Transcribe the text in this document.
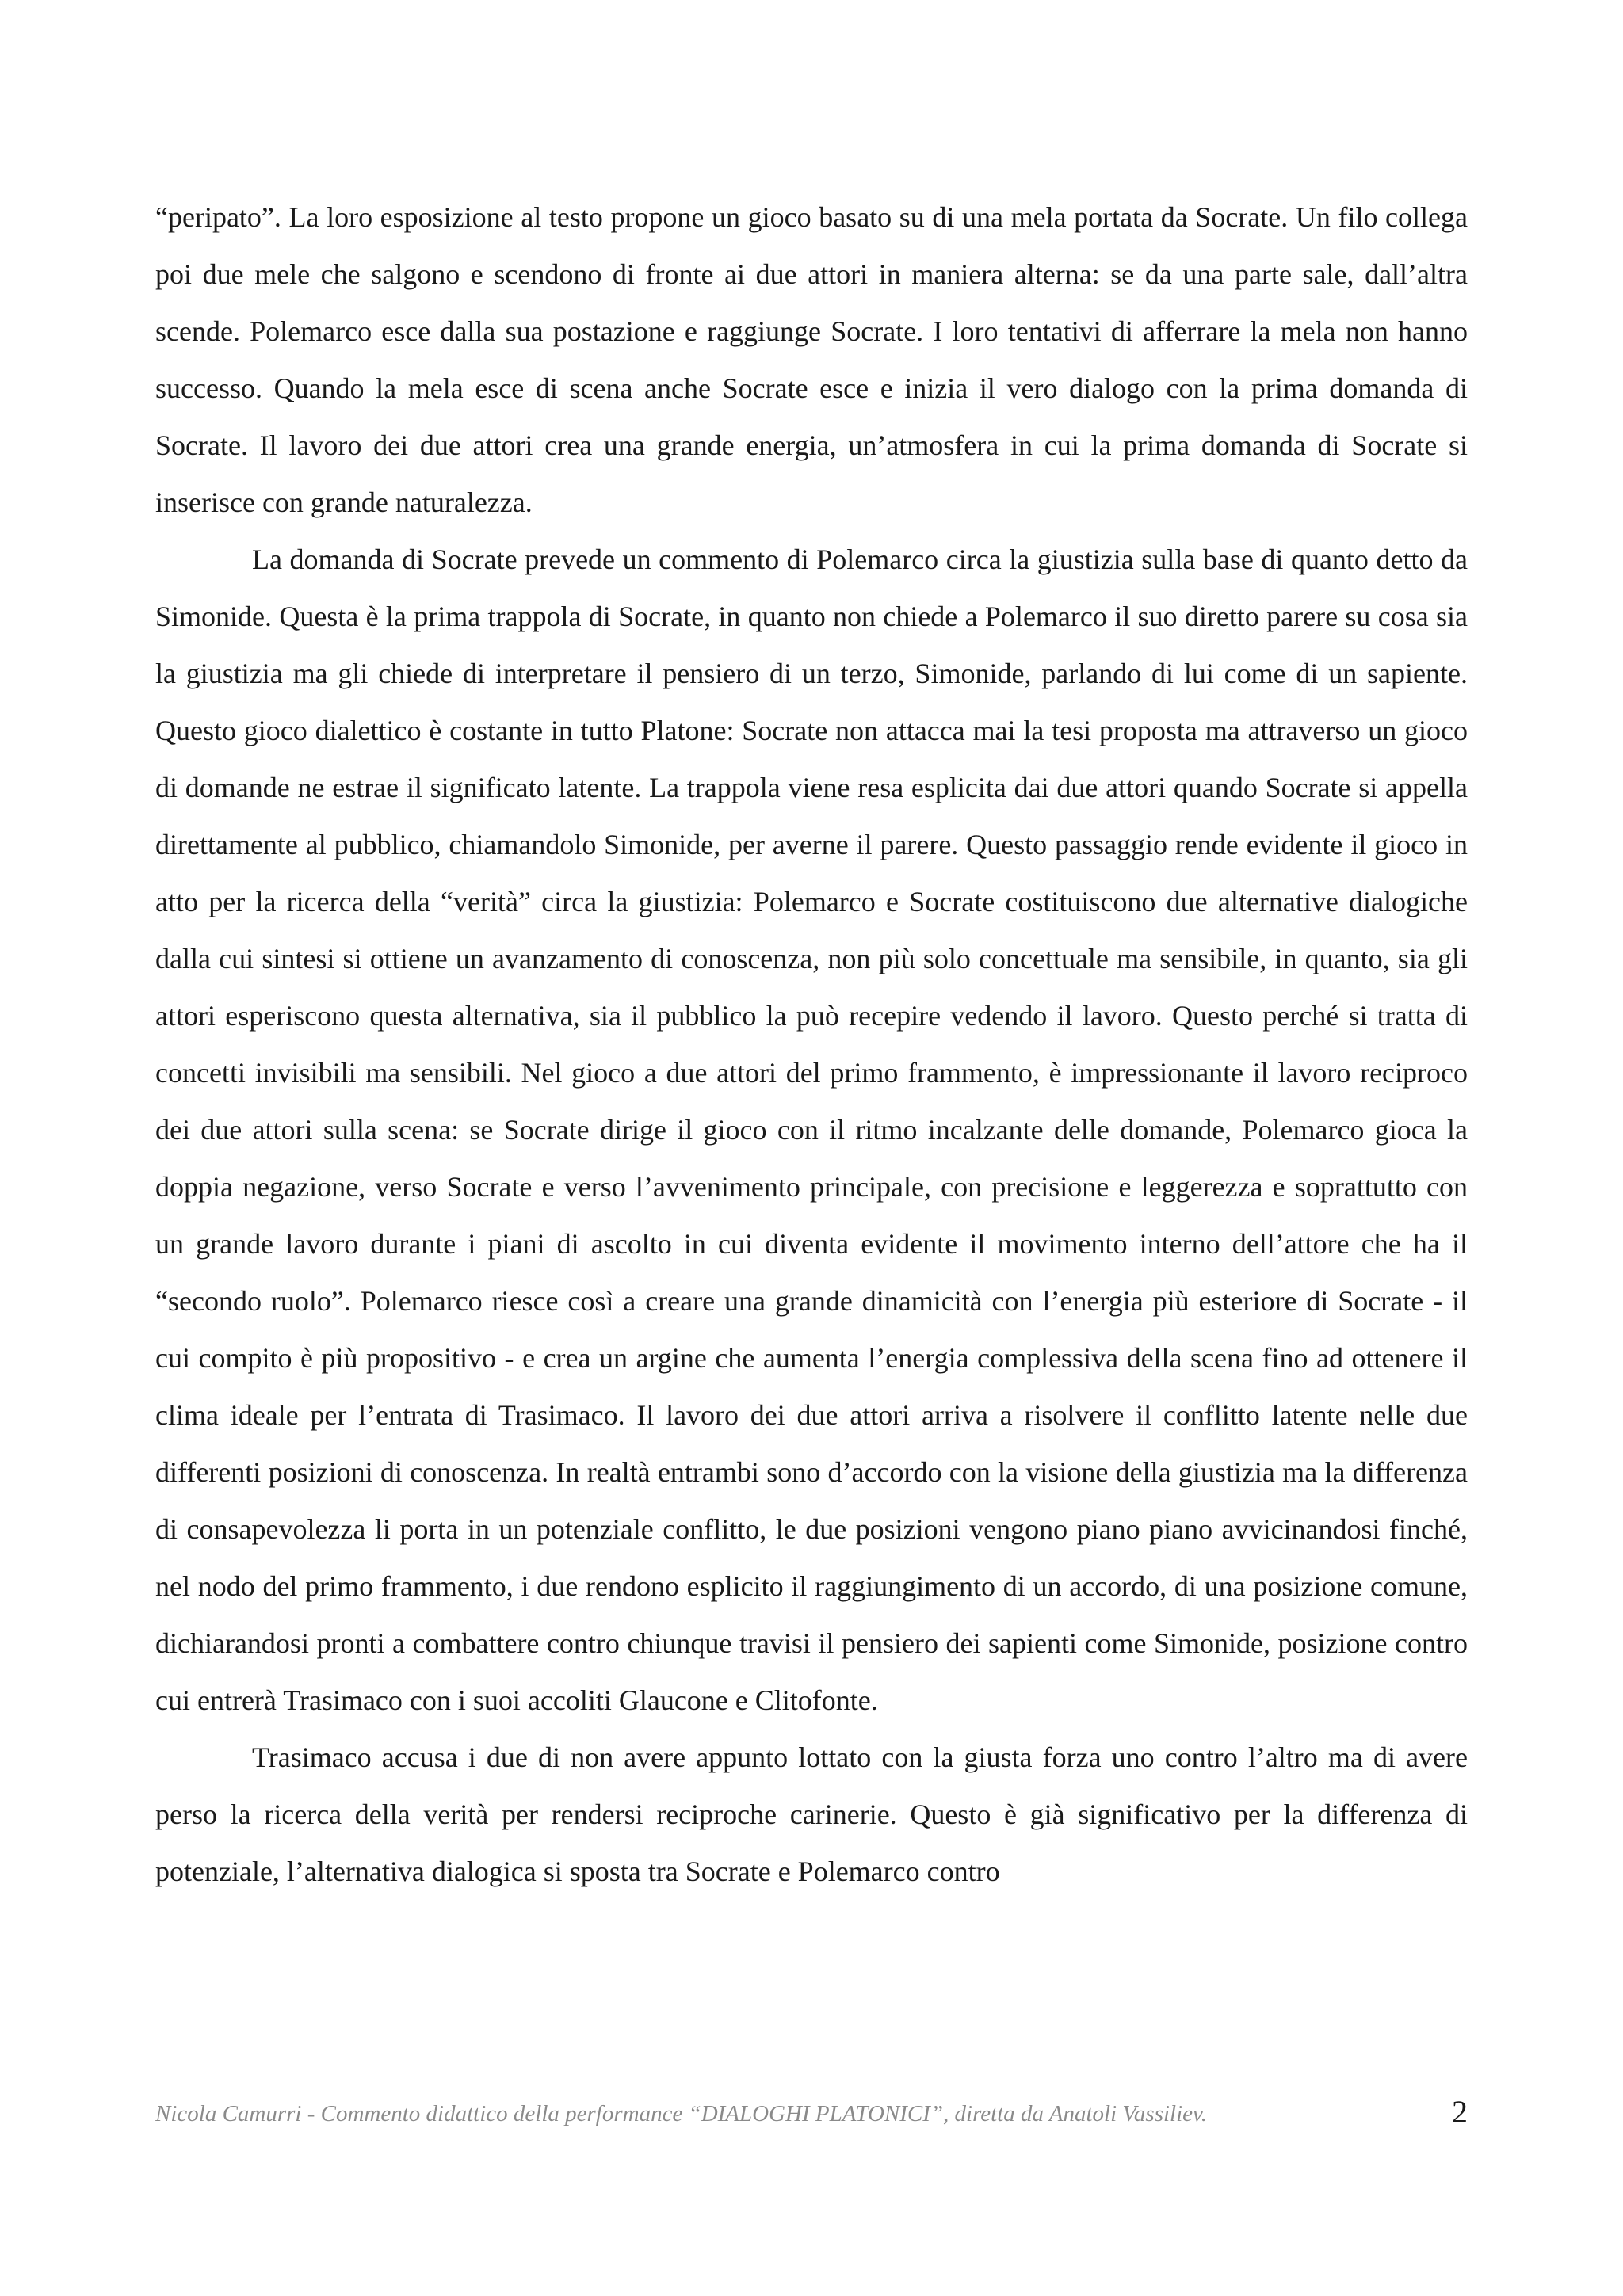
“peripato”. La loro esposizione al testo propone un gioco basato su di una mela portata da Socrate. Un filo collega poi due mele che salgono e scendono di fronte ai due attori in maniera alterna: se da una parte sale, dall’altra scende. Polemarco esce dalla sua postazione e raggiunge Socrate. I loro tentativi di afferrare la mela non hanno successo. Quando la mela esce di scena anche Socrate esce e inizia il vero dialogo con la prima domanda di Socrate. Il lavoro dei due attori crea una grande energia, un’atmosfera in cui la prima domanda di Socrate si inserisce con grande naturalezza.

La domanda di Socrate prevede un commento di Polemarco circa la giustizia sulla base di quanto detto da Simonide. Questa è la prima trappola di Socrate, in quanto non chiede a Polemarco il suo diretto parere su cosa sia la giustizia ma gli chiede di interpretare il pensiero di un terzo, Simonide, parlando di lui come di un sapiente. Questo gioco dialettico è costante in tutto Platone: Socrate non attacca mai la tesi proposta ma attraverso un gioco di domande ne estrae il significato latente. La trappola viene resa esplicita dai due attori quando Socrate si appella direttamente al pubblico, chiamandolo Simonide, per averne il parere. Questo passaggio rende evidente il gioco in atto per la ricerca della “verità” circa la giustizia: Polemarco e Socrate costituiscono due alternative dialogiche dalla cui sintesi si ottiene un avanzamento di conoscenza, non più solo concettuale ma sensibile, in quanto, sia gli attori esperiscono questa alternativa, sia il pubblico la può recepire vedendo il lavoro. Questo perché si tratta di concetti invisibili ma sensibili. Nel gioco a due attori del primo frammento, è impressionante il lavoro reciproco dei due attori sulla scena: se Socrate dirige il gioco con il ritmo incalzante delle domande, Polemarco gioca la doppia negazione, verso Socrate e verso l’avvenimento principale, con precisione e leggerezza e soprattutto con un grande lavoro durante i piani di ascolto in cui diventa evidente il movimento interno dell’attore che ha il “secondo ruolo”. Polemarco riesce così a creare una grande dinamicità con l’energia più esteriore di Socrate - il cui compito è più propositivo - e crea un argine che aumenta l’energia complessiva della scena fino ad ottenere il clima ideale per l’entrata di Trasimaco. Il lavoro dei due attori arriva a risolvere il conflitto latente nelle due differenti posizioni di conoscenza. In realtà entrambi sono d’accordo con la visione della giustizia ma la differenza di consapevolezza li porta in un potenziale conflitto, le due posizioni vengono piano piano avvicinandosi finché, nel nodo del primo frammento, i due rendono esplicito il raggiungimento di un accordo, di una posizione comune, dichiarandosi pronti a combattere contro chiunque travisi il pensiero dei sapienti come Simonide, posizione contro cui entrerà Trasimaco con i suoi accoliti Glaucone e Clitofonte.

Trasimaco accusa i due di non avere appunto lottato con la giusta forza uno contro l’altro ma di avere perso la ricerca della verità per rendersi reciproche carinerie. Questo è già significativo per la differenza di potenziale, l’alternativa dialogica si sposta tra Socrate e Polemarco contro

Nicola Camurri - Commento didattico della performance “DIALOGHI PLATONICI”, diretta da Anatoli Vassiliev.	2
